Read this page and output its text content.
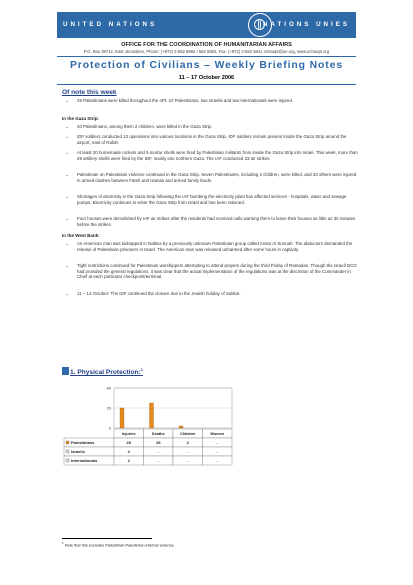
UNITED NATIONS	NATIONS UNIES
OFFICE FOR THE COORDINATION OF HUMANITARIAN AFFAIRS
P.O. Box 38712, East Jerusalem, Phone: (+972) 2-582 9962 / 582 5853, Fax: (+972) 2-582 5841 ochaopt@un.org, www.ochaopt.org
Protection of Civilians – Weekly Briefing Notes
11 – 17 October 2006
Of note this week
– 25 Palestinians were killed throughout the oPt. 22 Palestinians, two Israelis and two internationals were injured.
In the Gaza Strip:
– 20 Palestinians, among them 2 children, were killed in the Gaza Strip.
– IDF soldiers conducted 13 operations into various locations in the Gaza Strip. IDF soldiers remain present inside the Gaza Strip around the airport, east of Rafah.
– At least 20 homemade rockets and 5 mortar shells were fired by Palestinian militants from inside the Gaza Strip into Israel. This week, more than 29 artillery shells were fired by the IDF, mainly into northern Gaza. The IAF conducted 23 air strikes.
– Palestinian on Palestinian violence continued in the Gaza Strip. Seven Palestinians, including 2 children, were killed, and 33 others were injured in armed clashes between Fateh and Hamas and armed family feuds.
– Shortages of electricity in the Gaza Strip following the IAF bombing the electricity plant has affected services - hospitals, water and sewage pumps. Electricity continues to enter the Gaza Strip from Israel and has been rationed.
– Four houses were demolished by IAF air strikes after the residents had received calls warning them to leave their houses as little as 30 minutes before the strikes.
In the West Bank:
– An American man was kidnapped in Nablus by a previously unknown Palestinian group called Ansar Al Sunnah. The abductors demanded the release of Palestinian prisoners in Israel. The American man was released unharmed after some hours in captivity.
– Tight restrictions continued for Palestinian worshippers attempting to attend prayers during the third Friday of Ramadan. Though the Israeli DCO had provided the general regulations, it was clear that the actual implementation of the regulations was at the discretion of the Commander in Chief at each particular checkpoint/terminal.
– 11 – 14 October: The IDF continued the closure due to the Jewish holiday of Sukkot.
1. Physical Protection:$^1$
40
20
0
Injuries	Deaths	Children	Women
Palestinians	20	25	2	-
Israelis	2	-	-	-
Internationals	2	-	-	-
$^1$ Note that this excludes Palestinian-Palestinian internal violence.
